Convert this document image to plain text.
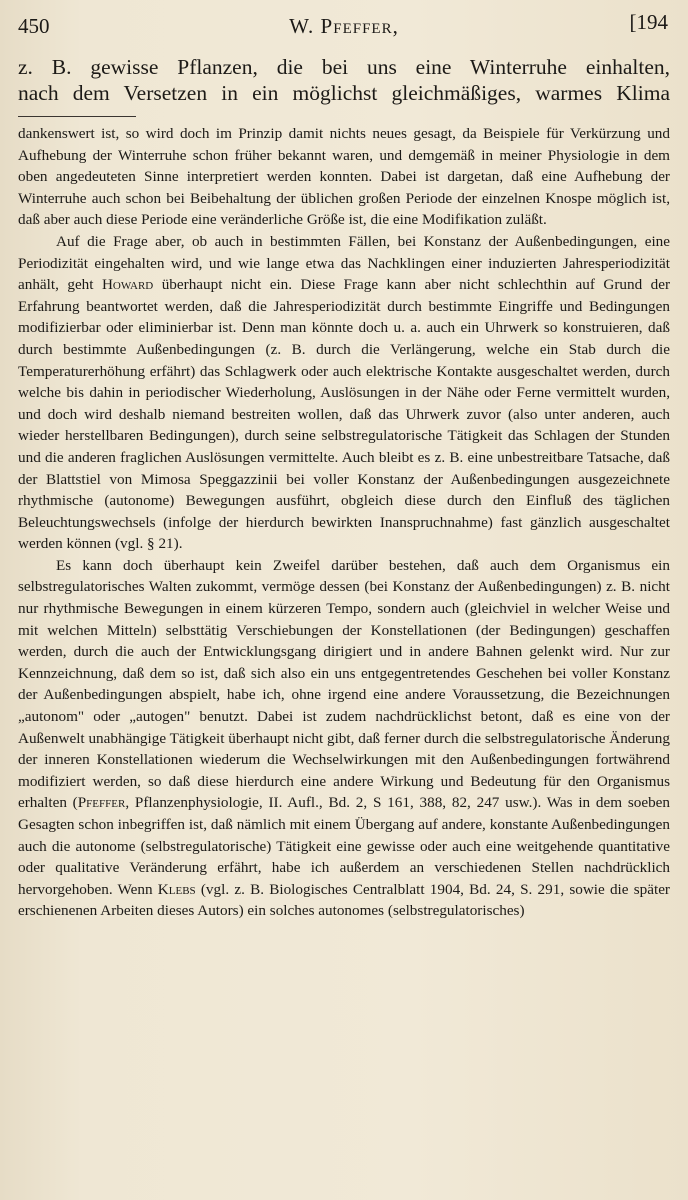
450	W. Pfeffer,	[194

z. B. gewisse Pflanzen, die bei uns eine Winterruhe einhalten,

nach dem Versetzen in ein möglichst gleichmäßiges, warmes Klima

dankenswert ist, so wird doch im Prinzip damit nichts neues gesagt, da Beispiele für Verkürzung und Aufhebung der Winterruhe schon früher bekannt waren, und demgemäß in meiner Physiologie in dem oben angedeuteten Sinne interpretiert werden konnten. Dabei ist dargetan, daß eine Aufhebung der Winterruhe auch schon bei Beibehaltung der üblichen großen Periode der einzelnen Knospe möglich ist, daß aber auch diese Periode eine veränderliche Größe ist, die eine Modifikation zuläßt.

Auf die Frage aber, ob auch in bestimmten Fällen, bei Konstanz der Außenbedingungen, eine Periodizität eingehalten wird, und wie lange etwa das Nachklingen einer induzierten Jahresperiodizität anhält, geht Howard überhaupt nicht ein. Diese Frage kann aber nicht schlechthin auf Grund der Erfahrung beantwortet werden, daß die Jahresperiodizität durch bestimmte Eingriffe und Bedingungen modifizierbar oder eliminierbar ist. Denn man könnte doch u. a. auch ein Uhrwerk so konstruieren, daß durch bestimmte Außenbedingungen (z. B. durch die Verlängerung, welche ein Stab durch die Temperaturerhöhung erfährt) das Schlagwerk oder auch elektrische Kontakte ausgeschaltet werden, durch welche bis dahin in periodischer Wiederholung, Auslösungen in der Nähe oder Ferne vermittelt wurden, und doch wird deshalb niemand bestreiten wollen, daß das Uhrwerk zuvor (also unter anderen, auch wieder herstellbaren Bedingungen), durch seine selbstregulatorische Tätigkeit das Schlagen der Stunden und die anderen fraglichen Auslösungen vermittelte. Auch bleibt es z. B. eine unbestreitbare Tatsache, daß der Blattstiel von Mimosa Speggazzinii bei voller Konstanz der Außenbedingungen ausgezeichnete rhythmische (autonome) Bewegungen ausführt, obgleich diese durch den Einfluß des täglichen Beleuchtungswechsels (infolge der hierdurch bewirkten Inanspruchnahme) fast gänzlich ausgeschaltet werden können (vgl. § 21).

Es kann doch überhaupt kein Zweifel darüber bestehen, daß auch dem Organismus ein selbstregulatorisches Walten zukommt, vermöge dessen (bei Konstanz der Außenbedingungen) z. B. nicht nur rhythmische Bewegungen in einem kürzeren Tempo, sondern auch (gleichviel in welcher Weise und mit welchen Mitteln) selbsttätig Verschiebungen der Konstellationen (der Bedingungen) geschaffen werden, durch die auch der Entwicklungsgang dirigiert und in andere Bahnen gelenkt wird. Nur zur Kennzeichnung, daß dem so ist, daß sich also ein uns entgegentretendes Geschehen bei voller Konstanz der Außenbedingungen abspielt, habe ich, ohne irgend eine andere Voraussetzung, die Bezeichnungen „autonom" oder „autogen" benutzt. Dabei ist zudem nachdrücklichst betont, daß es eine von der Außenwelt unabhängige Tätigkeit überhaupt nicht gibt, daß ferner durch die selbstregulatorische Änderung der inneren Konstellationen wiederum die Wechselwirkungen mit den Außenbedingungen fortwährend modifiziert werden, so daß diese hierdurch eine andere Wirkung und Bedeutung für den Organismus erhalten (Pfeffer, Pflanzenphysiologie, II. Aufl., Bd. 2, S 161, 388, 82, 247 usw.). Was in dem soeben Gesagten schon inbegriffen ist, daß nämlich mit einem Übergang auf andere, konstante Außenbedingungen auch die autonome (selbstregulatorische) Tätigkeit eine gewisse oder auch eine weitgehende quantitative oder qualitative Veränderung erfährt, habe ich außerdem an verschiedenen Stellen nachdrücklich hervorgehoben. Wenn Klebs (vgl. z. B. Biologisches Centralblatt 1904, Bd. 24, S. 291, sowie die später erschienenen Arbeiten dieses Autors) ein solches autonomes (selbstregulatorisches)
